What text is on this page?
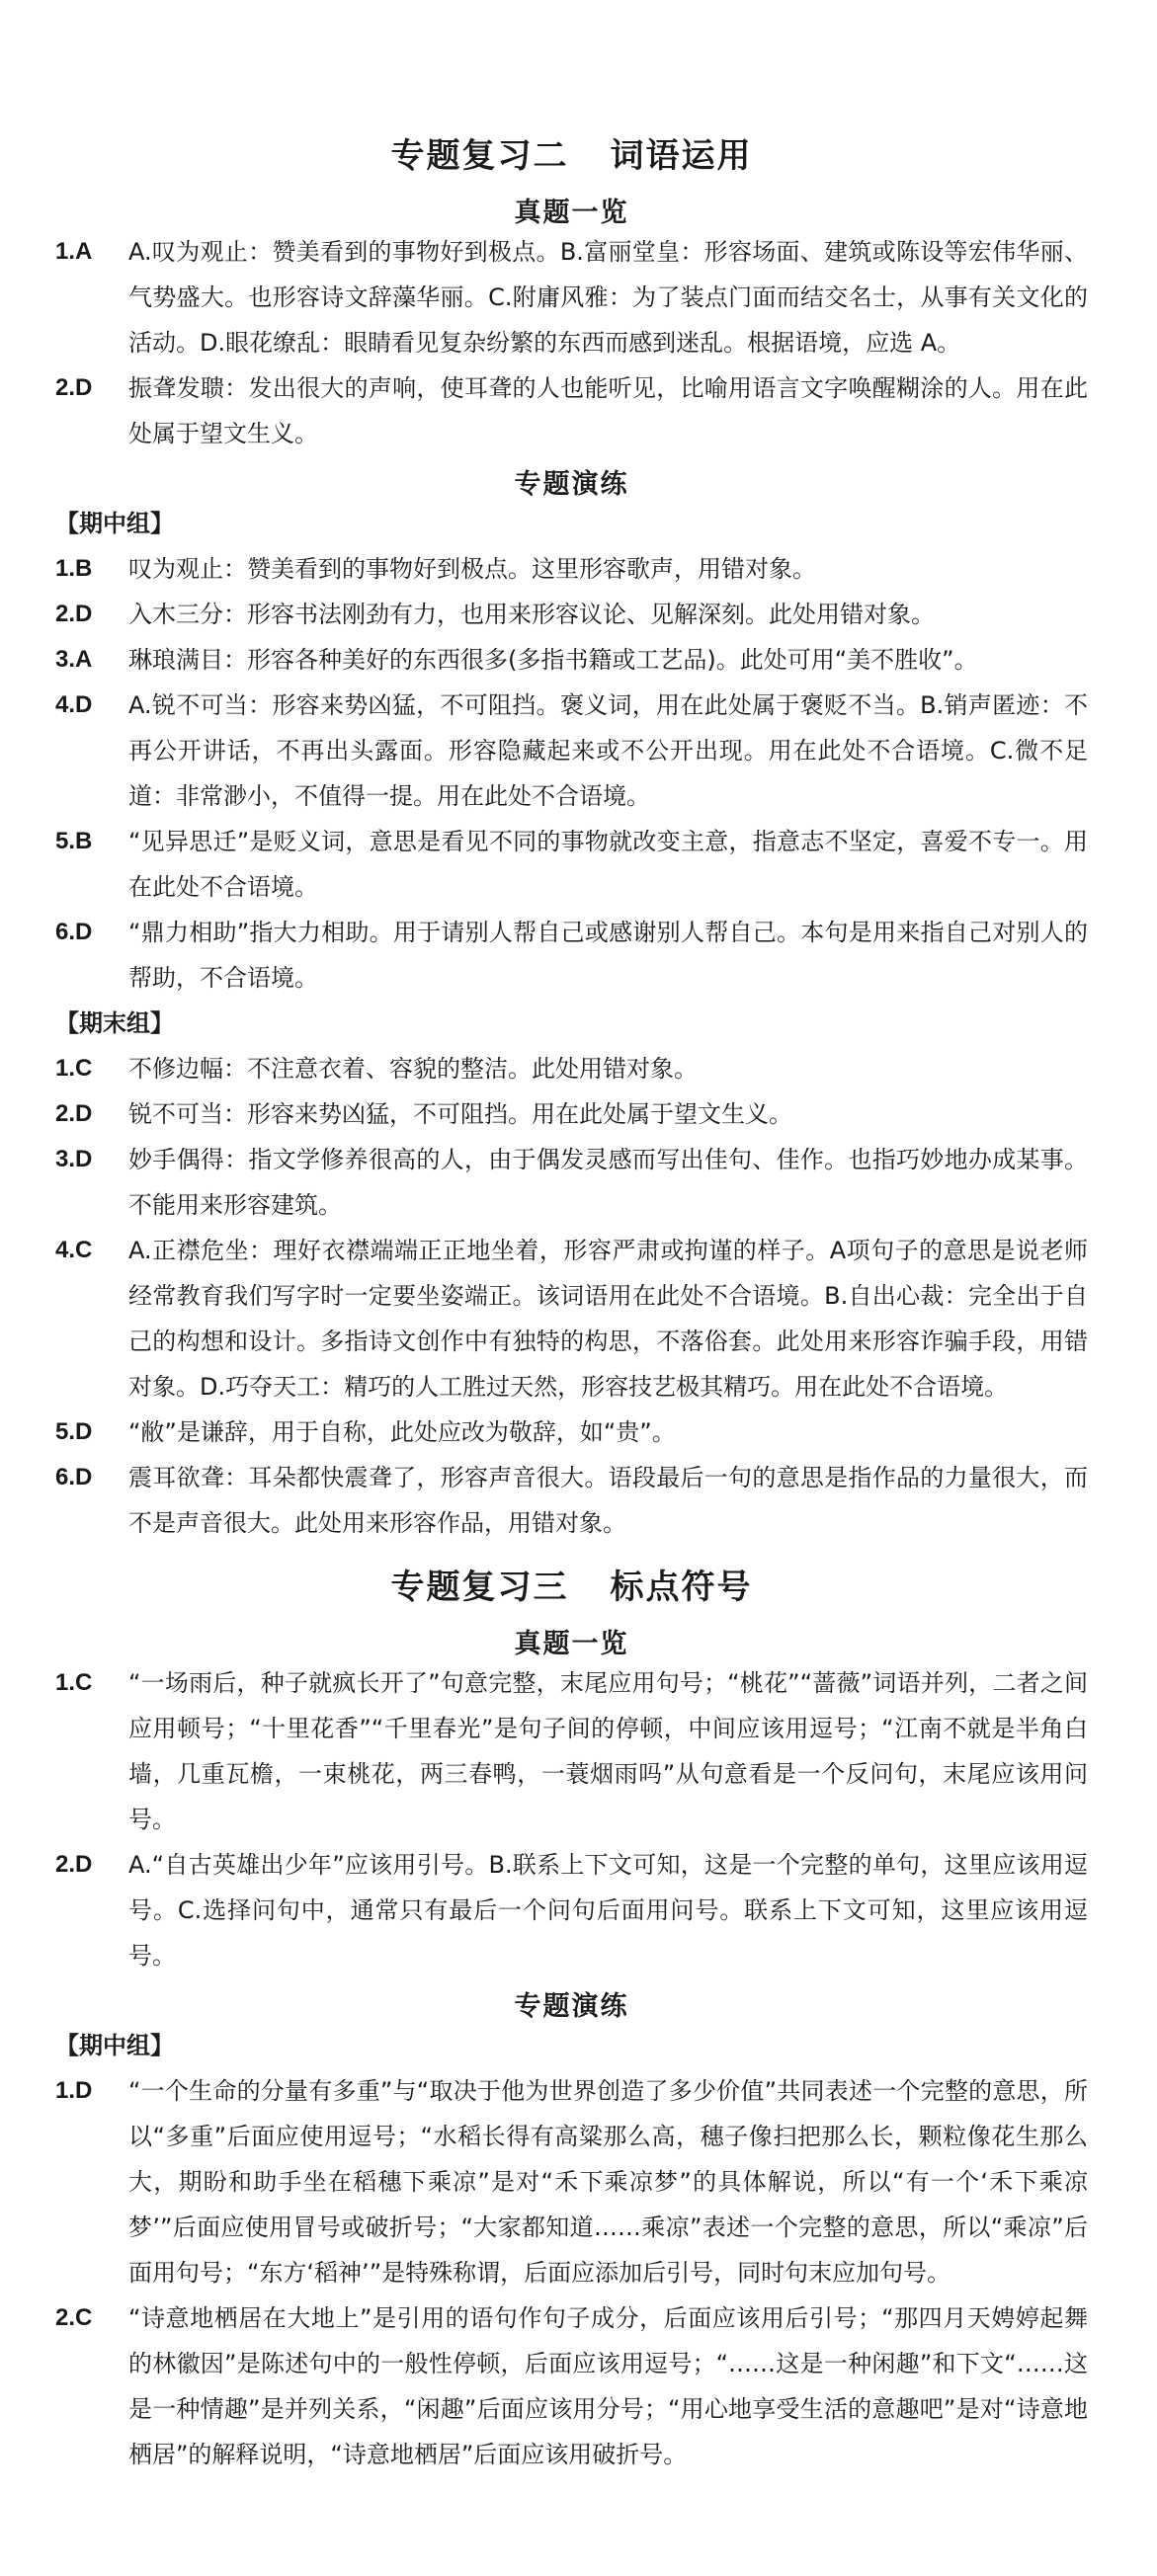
专题复习二 词语运用
真题一览
1.A	A.叹为观止：赞美看到的事物好到极点。B.富丽堂皇：形容场面、建筑或陈设等宏伟华丽、气势盛大。也形容诗文辞藻华丽。C.附庸风雅：为了装点门面而结交名士，从事有关文化的活动。D.眼花缭乱：眼睛看见复杂纷繁的东西而感到迷乱。根据语境，应选 A。
2.D	振聋发聩：发出很大的声响，使耳聋的人也能听见，比喻用语言文字唤醒糊涂的人。用在此处属于望文生义。
专题演练
【期中组】
1.B	叹为观止：赞美看到的事物好到极点。这里形容歌声，用错对象。
2.D	入木三分：形容书法刚劲有力，也用来形容议论、见解深刻。此处用错对象。
3.A	琳琅满目：形容各种美好的东西很多(多指书籍或工艺品)。此处可用“美不胜收”。
4.D	A.锐不可当：形容来势凶猛，不可阻挡。褒义词，用在此处属于褒贬不当。B.销声匿迹：不再公开讲话，不再出头露面。形容隐藏起来或不公开出现。用在此处不合语境。C.微不足道：非常渺小，不值得一提。用在此处不合语境。
5.B	“见异思迁”是贬义词，意思是看见不同的事物就改变主意，指意志不坚定，喜爱不专一。用在此处不合语境。
6.D	“鼎力相助”指大力相助。用于请别人帮自己或感谢别人帮自己。本句是用来指自己对别人的帮助，不合语境。
【期末组】
1.C	不修边幅：不注意衣着、容貌的整洁。此处用错对象。
2.D	锐不可当：形容来势凶猛，不可阻挡。用在此处属于望文生义。
3.D	妙手偶得：指文学修养很高的人，由于偶发灵感而写出佳句、佳作。也指巧妙地办成某事。不能用来形容建筑。
4.C	A.正襟危坐：理好衣襟端端正正地坐着，形容严肃或拘谨的样子。A项句子的意思是说老师经常教育我们写字时一定要坐姿端正。该词语用在此处不合语境。B.自出心裁：完全出于自己的构想和设计。多指诗文创作中有独特的构思，不落俗套。此处用来形容诈骗手段，用错对象。D.巧夺天工：精巧的人工胜过天然，形容技艺极其精巧。用在此处不合语境。
5.D	“敝”是谦辞，用于自称，此处应改为敬辞，如“贵”。
6.D	震耳欲聋：耳朵都快震聋了，形容声音很大。语段最后一句的意思是指作品的力量很大，而不是声音很大。此处用来形容作品，用错对象。
专题复习三 标点符号
真题一览
1.C	“一场雨后，种子就疯长开了”句意完整，末尾应用句号；“桃花”“蔷薇”词语并列，二者之间应用顿号；“十里花香”“千里春光”是句子间的停顿，中间应该用逗号；“江南不就是半角白墙，几重瓦檐，一束桃花，两三春鸭，一蓑烟雨吗”从句意看是一个反问句，末尾应该用问号。
2.D	A.“自古英雄出少年”应该用引号。B.联系上下文可知，这是一个完整的单句，这里应该用逗号。C.选择问句中，通常只有最后一个问句后面用问号。联系上下文可知，这里应该用逗号。
专题演练
【期中组】
1.D	“一个生命的分量有多重”与“取决于他为世界创造了多少价值”共同表述一个完整的意思，所以“多重”后面应使用逗号；“水稻长得有高粱那么高，穗子像扫把那么长，颗粒像花生那么大，期盼和助手坐在稻穗下乘凉”是对“禾下乘凉梦”的具体解说，所以“有一个‘禾下乘凉梦’”后面应使用冒号或破折号；“大家都知道……乘凉”表述一个完整的意思，所以“乘凉”后面用句号；“东方‘稻神’”是特殊称谓，后面应添加后引号，同时句末应加句号。
2.C	“诗意地栖居在大地上”是引用的语句作句子成分，后面应该用后引号；“那四月天娉婷起舞的林徽因”是陈述句中的一般性停顿，后面应该用逗号；“……这是一种闲趣”和下文“……这是一种情趣”是并列关系，“闲趣”后面应该用分号；“用心地享受生活的意趣吧”是对“诗意地栖居”的解释说明，“诗意地栖居”后面应该用破折号。
